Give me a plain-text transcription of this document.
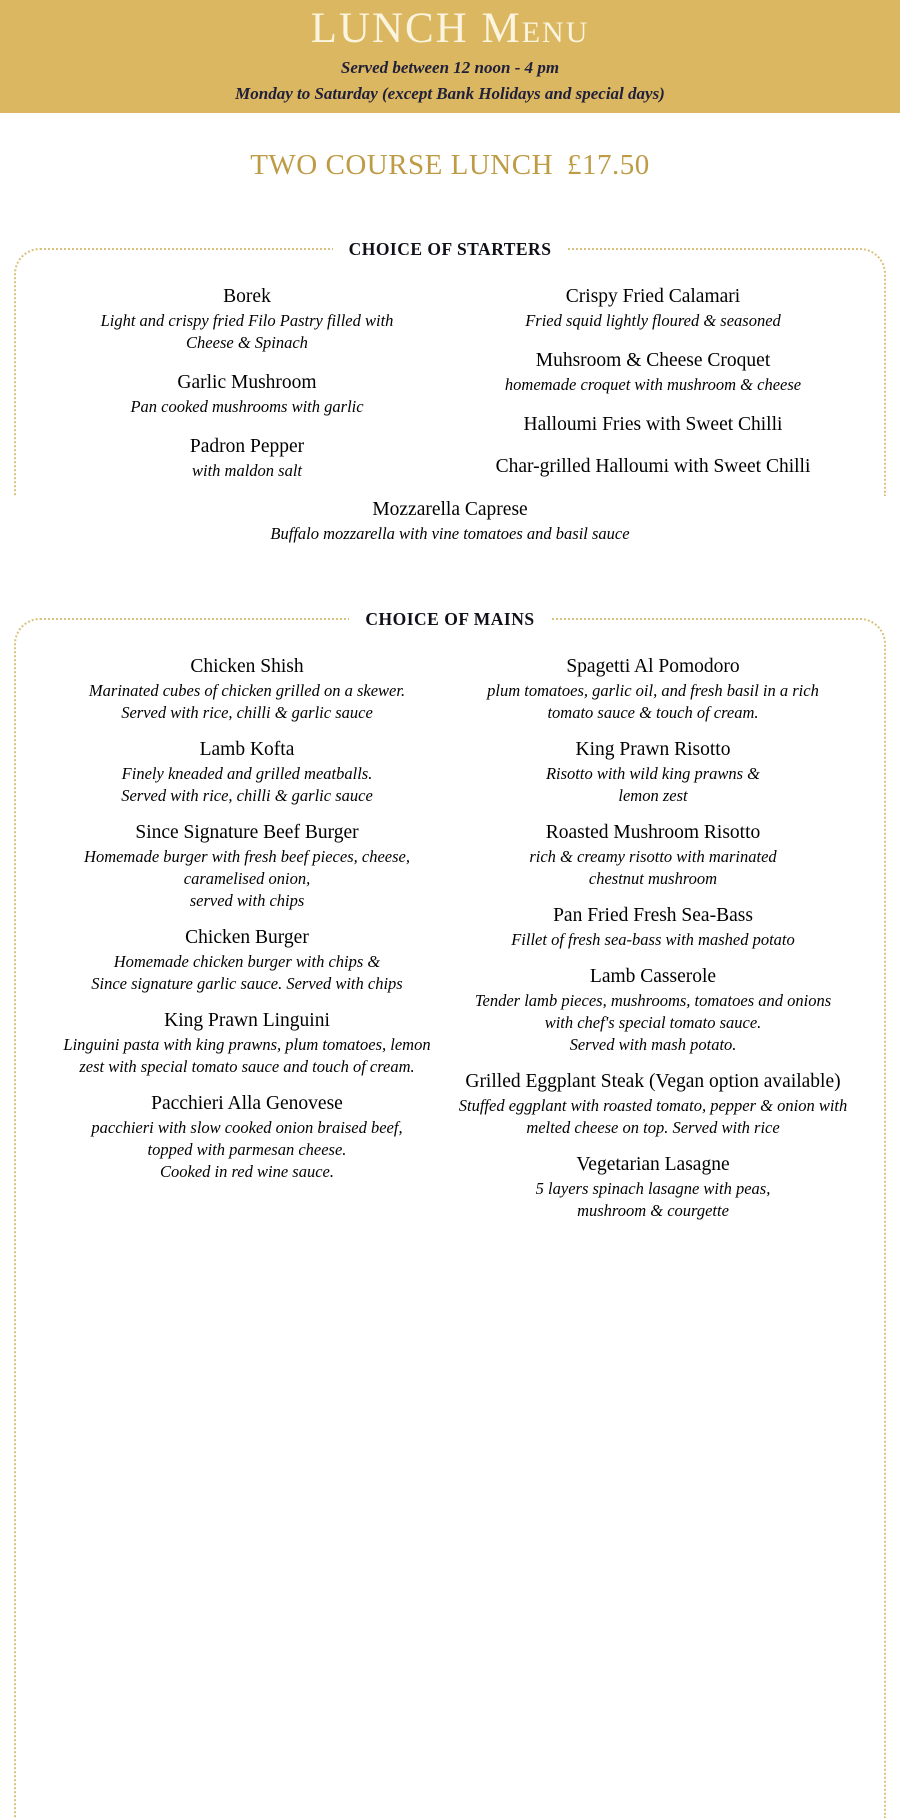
LUNCH Menu
Served between 12 noon - 4 pm
Monday to Saturday (except Bank Holidays and special days)
TWO COURSE LUNCH £17.50
CHOICE OF STARTERS
Borek
Light and crispy fried Filo Pastry filled with
Cheese & Spinach
Garlic Mushroom
Pan cooked mushrooms with garlic
Padron Pepper
with maldon salt
Crispy Fried Calamari
Fried squid lightly floured & seasoned
Muhsroom & Cheese Croquet
homemade croquet with mushroom & cheese
Halloumi Fries with Sweet Chilli
Char-grilled Halloumi with Sweet Chilli
Mozzarella Caprese
Buffalo mozzarella with vine tomatoes and basil sauce
CHOICE OF MAINS
Chicken Shish
Marinated cubes of chicken grilled on a skewer.
Served with rice, chilli & garlic sauce
Lamb Kofta
Finely kneaded and grilled meatballs.
Served with rice, chilli & garlic sauce
Since Signature Beef Burger
Homemade burger with fresh beef pieces, cheese,
caramelised onion,
served with chips
Chicken Burger
Homemade chicken burger with chips &
Since signature garlic sauce. Served with chips
King Prawn Linguini
Linguini pasta with king prawns, plum tomatoes, lemon
zest with special tomato sauce and touch of cream.
Pacchieri Alla Genovese
pacchieri with slow cooked onion braised beef,
topped with parmesan cheese.
Cooked in red wine sauce.
Spagetti Al Pomodoro
plum tomatoes, garlic oil, and fresh basil in a rich
tomato sauce & touch of cream.
King Prawn Risotto
Risotto with wild king prawns &
lemon zest
Roasted Mushroom Risotto
rich & creamy risotto with marinated
chestnut mushroom
Pan Fried Fresh Sea-Bass
Fillet of fresh sea-bass with mashed potato
Lamb Casserole
Tender lamb pieces, mushrooms, tomatoes and onions
with chef's special tomato sauce.
Served with mash potato.
Grilled Eggplant Steak (Vegan option available)
Stuffed eggplant with roasted tomato, pepper & onion with
melted cheese on top. Served with rice
Vegetarian Lasagne
5 layers spinach lasagne with peas,
mushroom & courgette
